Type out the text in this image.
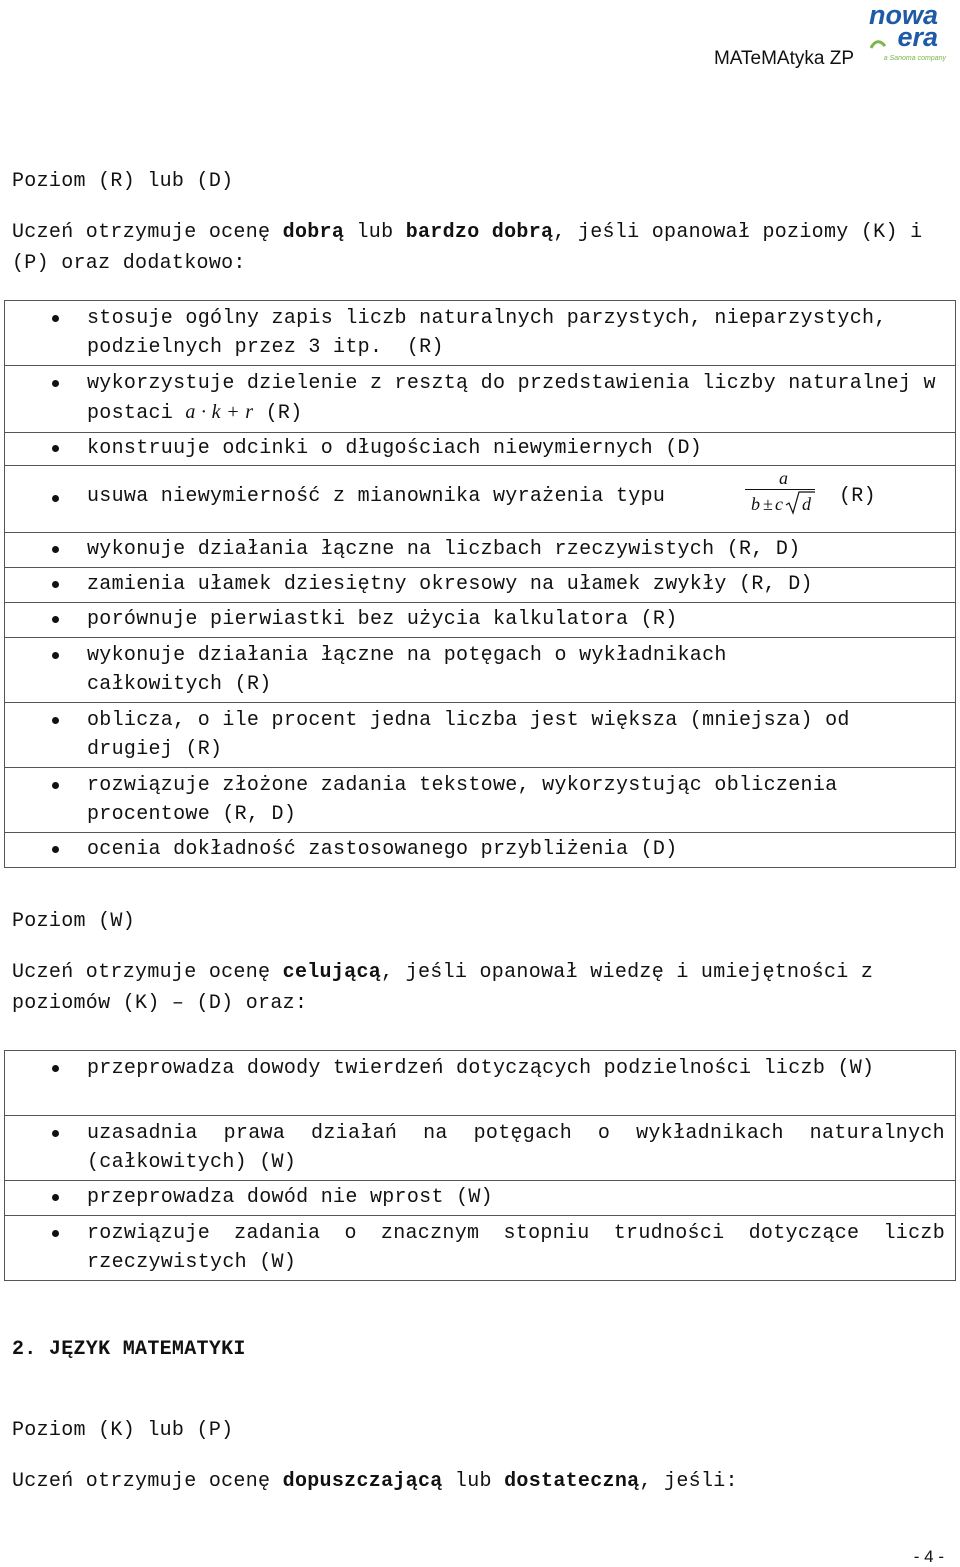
MATeMAtyka ZP
nowa
era
a Sanoma company
Poziom (R) lub (D)
Uczeń otrzymuje ocenę dobrą lub bardzo dobrą, jeśli opanował poziomy (K) i (P) oraz dodatkowo:
stosuje ogólny zapis liczb naturalnych parzystych, nieparzystych, podzielnych przez 3 itp. (R)

wykorzystuje dzielenie z resztą do przedstawienia liczby naturalnej w postaci a · k + r (R)

konstruuje odcinki o długościach niewymiernych (D)

usuwa niewymierność z mianownika wyrażenia typu
a
b ± c d (R)

wykonuje działania łączne na liczbach rzeczywistych (R, D)

zamienia ułamek dziesiętny okresowy na ułamek zwykły (R, D)

porównuje pierwiastki bez użycia kalkulatora (R)

wykonuje działania łączne na potęgach o wykładnikach całkowitych (R)

oblicza, o ile procent jedna liczba jest większa (mniejsza) od drugiej (R)

rozwiązuje złożone zadania tekstowe, wykorzystując obliczenia procentowe (R, D)

ocenia dokładność zastosowanego przybliżenia (D)
Poziom (W)
Uczeń otrzymuje ocenę celującą, jeśli opanował wiedzę i umiejętności z poziomów (K) – (D) oraz:
przeprowadza dowody twierdzeń dotyczących podzielności liczb (W)

uzasadnia prawa działań na potęgach o wykładnikach naturalnych (całkowitych) (W)

przeprowadza dowód nie wprost (W)

rozwiązuje zadania o znacznym stopniu trudności dotyczące liczb rzeczywistych (W)
2. JĘZYK MATEMATYKI
Poziom (K) lub (P)
Uczeń otrzymuje ocenę dopuszczającą lub dostateczną, jeśli:
- 4 -
